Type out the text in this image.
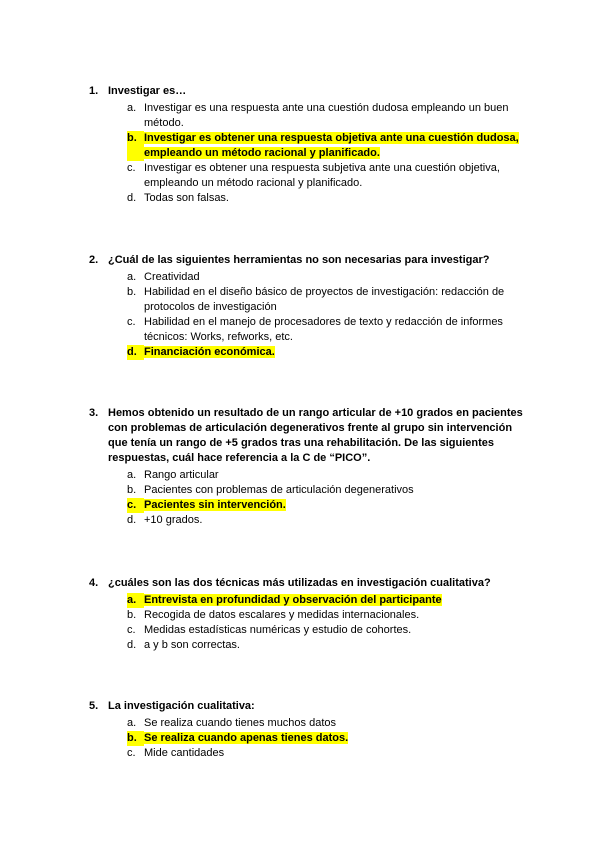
1. Investigar es…
a. Investigar es una respuesta ante una cuestión dudosa empleando un buen método.
b. Investigar es obtener una respuesta objetiva ante una cuestión dudosa, empleando un método racional y planificado.
c. Investigar es obtener una respuesta subjetiva ante una cuestión objetiva, empleando un método racional y planificado.
d. Todas son falsas.
2. ¿Cuál de las siguientes herramientas no son necesarias para investigar?
a. Creatividad
b. Habilidad en el diseño básico de proyectos de investigación: redacción de protocolos de investigación
c. Habilidad en el manejo de procesadores de texto y redacción de informes técnicos: Works, refworks, etc.
d. Financiación económica.
3. Hemos obtenido un resultado de un rango articular de +10 grados en pacientes con problemas de articulación degenerativos frente al grupo sin intervención que tenía un rango de +5 grados tras una rehabilitación. De las siguientes respuestas, cuál hace referencia a la C de “PICO”.
a. Rango articular
b. Pacientes con problemas de articulación degenerativos
c. Pacientes sin intervención.
d. +10 grados.
4. ¿cuáles son las dos técnicas más utilizadas en investigación cualitativa?
a. Entrevista en profundidad y observación del participante
b. Recogida de datos escalares y medidas internacionales.
c. Medidas estadísticas numéricas y estudio de cohortes.
d. a y b son correctas.
5. La investigación cualitativa:
a. Se realiza cuando tienes muchos datos
b. Se realiza cuando apenas tienes datos.
c. Mide cantidades
